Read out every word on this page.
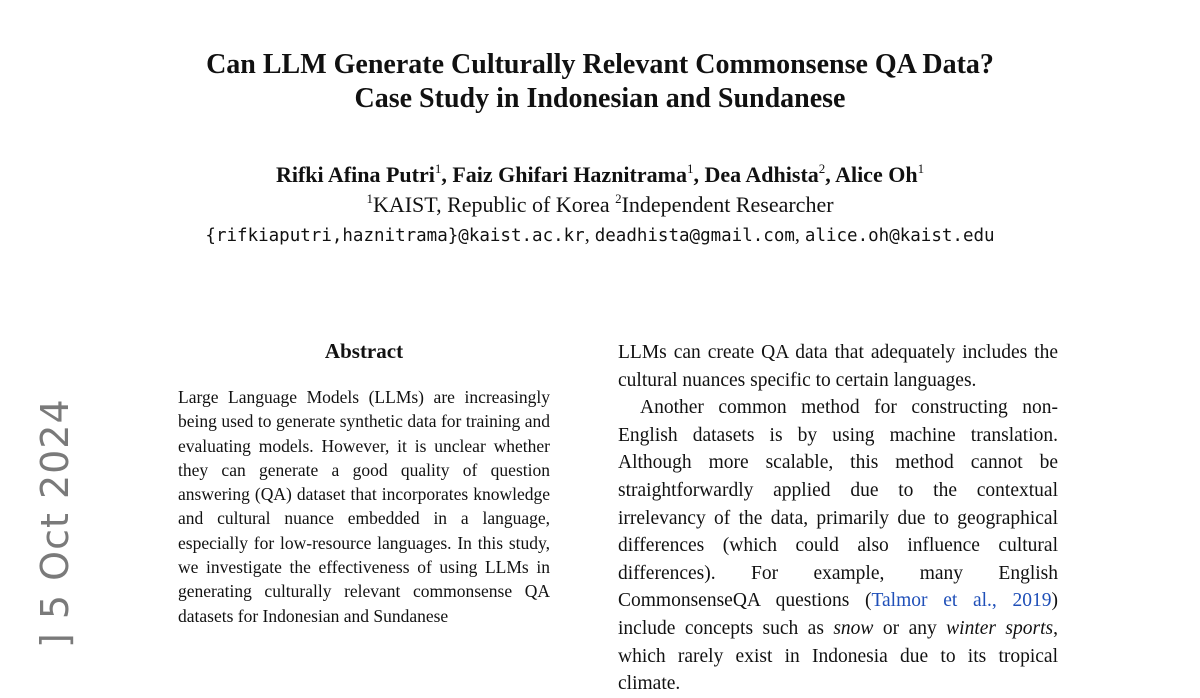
Can LLM Generate Culturally Relevant Commonsense QA Data?
Case Study in Indonesian and Sundanese
Rifki Afina Putri$^1$, Faiz Ghifari Haznitrama$^1$, Dea Adhista$^2$, Alice Oh$^1$
$^1$KAIST, Republic of Korea $^2$Independent Researcher
{rifkiaputri,haznitrama}@kaist.ac.kr, deadhista@gmail.com, alice.oh@kaist.edu
] 5 Oct 2024
Abstract

Large Language Models (LLMs) are increasingly being used to generate synthetic data for training and evaluating models. However, it is unclear whether they can generate a good quality of question answering (QA) dataset that incorporates knowledge and cultural nuance embedded in a language, especially for low-resource languages. In this study, we investigate the effectiveness of using LLMs in generating culturally relevant commonsense QA datasets for Indonesian and Sundanese

LLMs can create QA data that adequately includes the cultural nuances specific to certain languages.

Another common method for constructing non-English datasets is by using machine translation. Although more scalable, this method cannot be straightforwardly applied due to the contextual irrelevancy of the data, primarily due to geographical differences (which could also influence cultural differences). For example, many English CommonsenseQA questions (Talmor et al., 2019) include concepts such as snow or any winter sports, which rarely exist in Indonesia due to its tropical climate.
